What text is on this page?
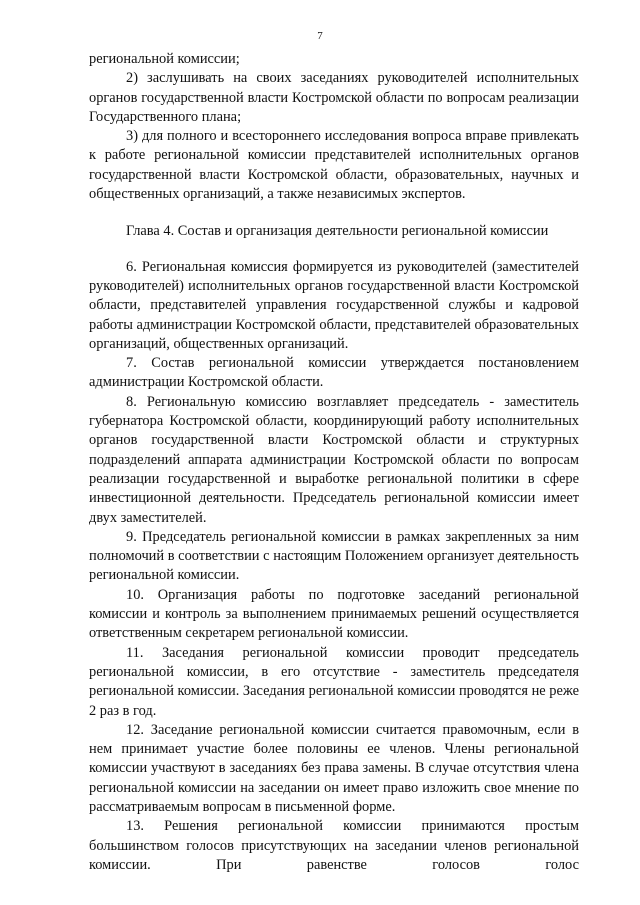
7

региональной комиссии;

2) заслушивать на своих заседаниях руководителей исполнительных органов государственной власти Костромской области по вопросам реализации Государственного плана;

3) для полного и всестороннего исследования вопроса вправе привлекать к работе региональной комиссии представителей исполнительных органов государственной власти Костромской области, образовательных, научных и общественных организаций, а также независимых экспертов.

Глава 4. Состав и организация деятельности региональной комиссии

6. Региональная комиссия формируется из руководителей (заместителей руководителей) исполнительных органов государственной власти Костромской области, представителей управления государственной службы и кадровой работы администрации Костромской области, представителей образовательных организаций, общественных организаций.

7. Состав региональной комиссии утверждается постановлением администрации Костромской области.

8. Региональную комиссию возглавляет председатель - заместитель губернатора Костромской области, координирующий работу исполнительных органов государственной власти Костромской области и структурных подразделений аппарата администрации Костромской области по вопросам реализации государственной и выработке региональной политики в сфере инвестиционной деятельности. Председатель региональной комиссии имеет двух заместителей.

9. Председатель региональной комиссии в рамках закрепленных за ним полномочий в соответствии с настоящим Положением организует деятельность региональной комиссии.

10. Организация работы по подготовке заседаний региональной комиссии и контроль за выполнением принимаемых решений осуществляется ответственным секретарем региональной комиссии.

11. Заседания региональной комиссии проводит председатель региональной комиссии, в его отсутствие - заместитель председателя региональной комиссии. Заседания региональной комиссии проводятся не реже 2 раз в год.

12. Заседание региональной комиссии считается правомочным, если в нем принимает участие более половины ее членов. Члены региональной комиссии участвуют в заседаниях без права замены. В случае отсутствия члена региональной комиссии на заседании он имеет право изложить свое мнение по рассматриваемым вопросам в письменной форме.

13. Решения региональной комиссии принимаются простым большинством голосов присутствующих на заседании членов региональной комиссии. При равенстве голосов голос
